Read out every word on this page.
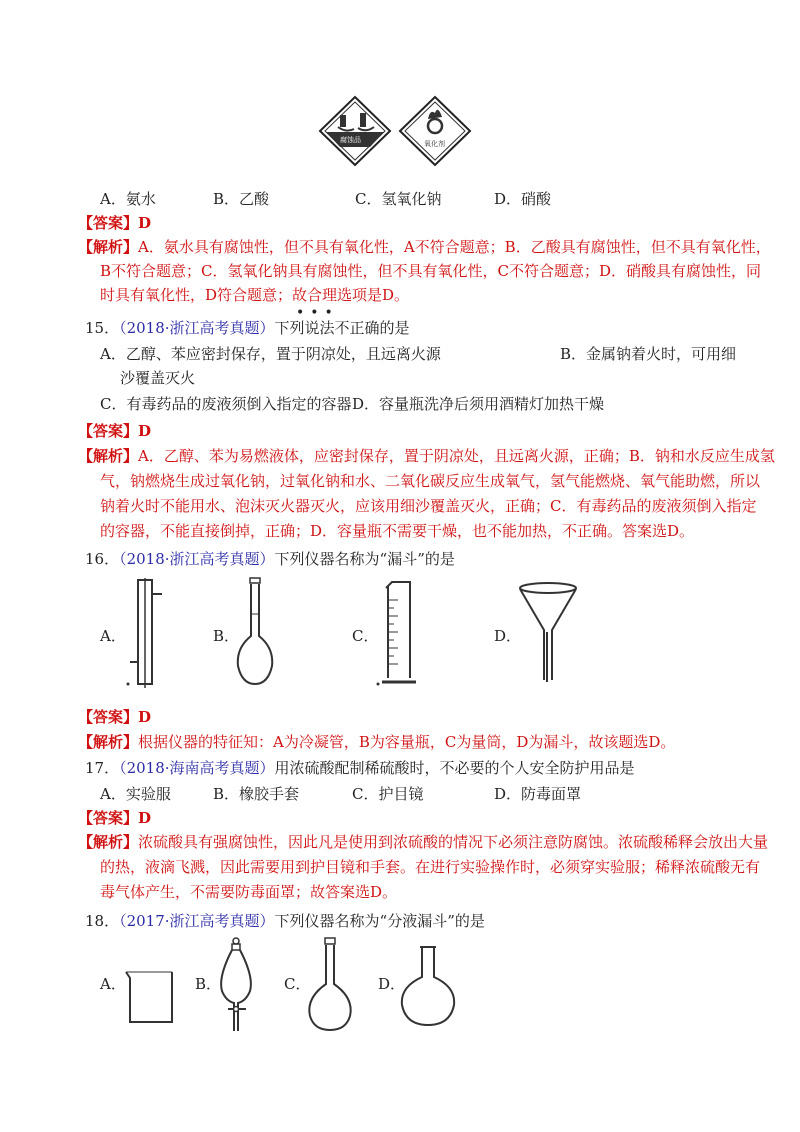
腐蚀品	氧化剂
A．氨水	B．乙酸	C．氢氧化钠	D．硝酸
【答案】D
【解析】A．氨水具有腐蚀性，但不具有氧化性，A不符合题意；B．乙酸具有腐蚀性，但不具有氧化性，
B不符合题意；C．氢氧化钠具有腐蚀性，但不具有氧化性，C不符合题意；D．硝酸具有腐蚀性，同
时具有氧化性，D符合题意；故合理选项是D。
15．（2018·浙江高考真题）下列说法不正确的是
•••
A．乙醇、苯应密封保存，置于阴凉处，且远离火源	B．金属钠着火时，可用细
沙覆盖灭火
C．有毒药品的废液须倒入指定的容器 D．容量瓶洗净后须用酒精灯加热干燥
【答案】D
【解析】A．乙醇、苯为易燃液体，应密封保存，置于阴凉处，且远离火源，正确；B．钠和水反应生成氢
气，钠燃烧生成过氧化钠，过氧化钠和水、二氧化碳反应生成氧气，氢气能燃烧、氧气能助燃，所以
钠着火时不能用水、泡沫灭火器灭火，应该用细沙覆盖灭火，正确；C．有毒药品的废液须倒入指定
的容器，不能直接倒掉，正确；D．容量瓶不需要干燥，也不能加热，不正确。答案选D。
16．（2018·浙江高考真题）下列仪器名称为“漏斗”的是
A．	B．	C．	D．
【答案】D
【解析】根据仪器的特征知：A为冷凝管，B为容量瓶，C为量筒，D为漏斗，故该题选D。
17．（2018·海南高考真题）用浓硫酸配制稀硫酸时，不必要的个人安全防护用品是
A．实验服	B．橡胶手套	C．护目镜	D．防毒面罩
【答案】D
【解析】浓硫酸具有强腐蚀性，因此凡是使用到浓硫酸的情况下必须注意防腐蚀。浓硫酸稀释会放出大量
的热，液滴飞溅，因此需要用到护目镜和手套。在进行实验操作时，必须穿实验服；稀释浓硫酸无有
毒气体产生，不需要防毒面罩；故答案选D。
18．（2017·浙江高考真题）下列仪器名称为“分液漏斗”的是
A．	B．	C．	D．
